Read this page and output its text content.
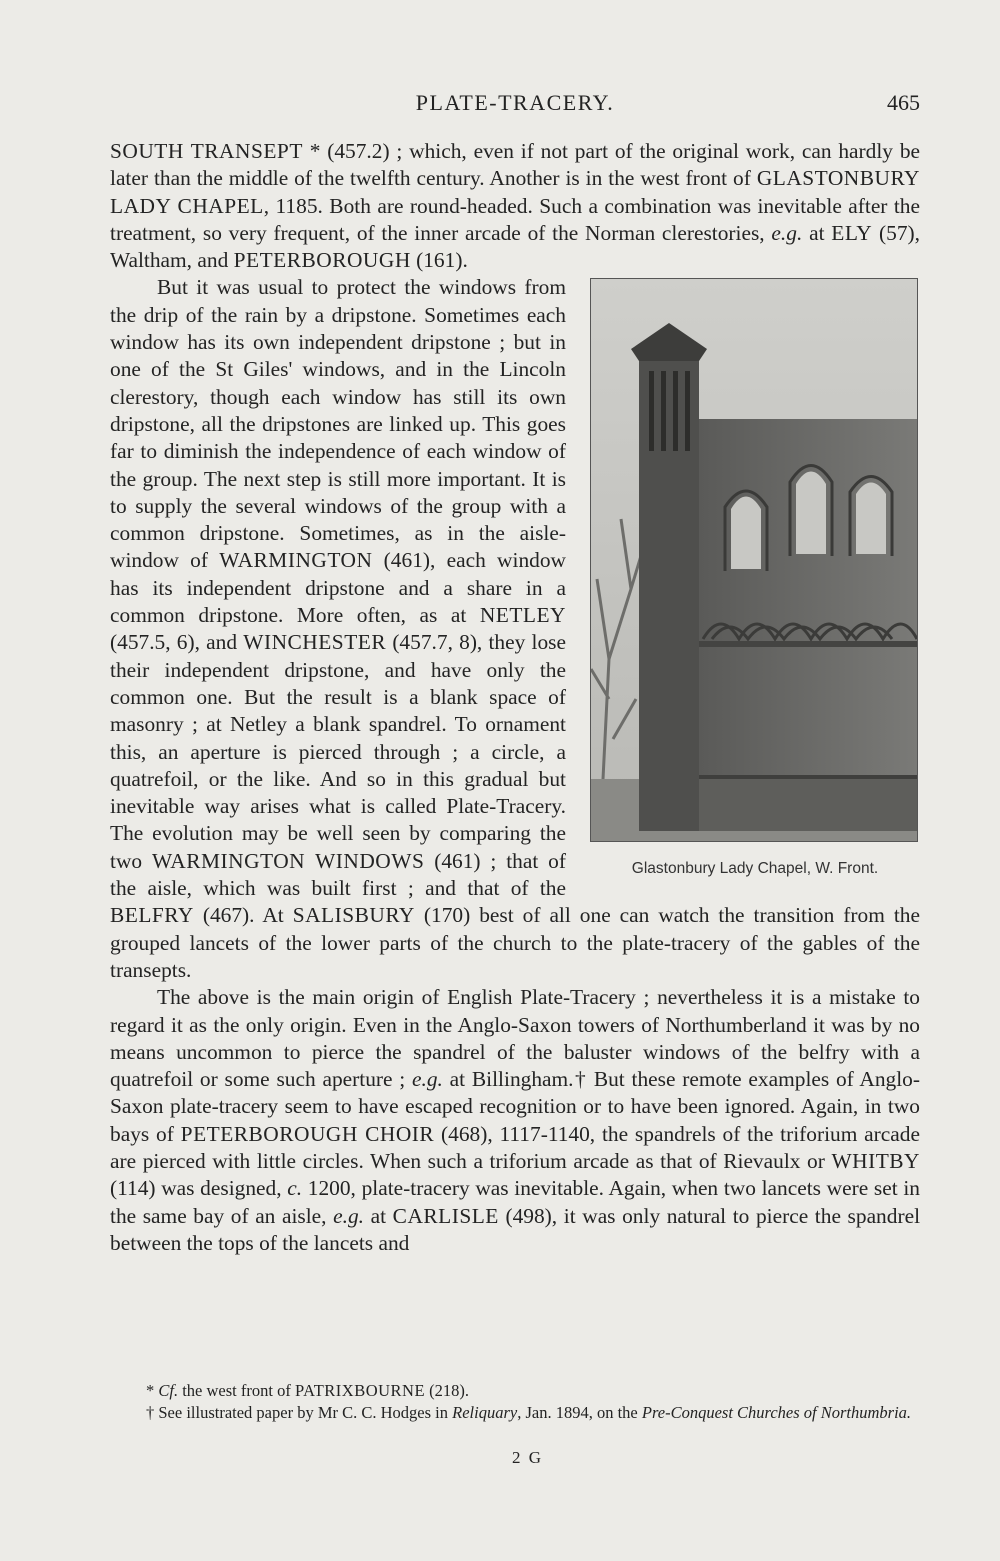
PLATE-TRACERY.	465

SOUTH TRANSEPT * (457.2) ; which, even if not part of the original work, can hardly be later than the middle of the twelfth century. Another is in the west front of GLASTONBURY LADY CHAPEL, 1185. Both are round-headed. Such a combination was inevitable after the treatment, so very frequent, of the inner arcade of the Norman clerestories, e.g. at ELY (57), Waltham, and PETERBOROUGH (161).

Glastonbury Lady Chapel, W. Front.

But it was usual to protect the windows from the drip of the rain by a dripstone. Sometimes each window has its own independent dripstone ; but in one of the St Giles' windows, and in the Lincoln clerestory, though each window has still its own dripstone, all the dripstones are linked up. This goes far to diminish the independence of each window of the group. The next step is still more important. It is to supply the several windows of the group with a common dripstone. Sometimes, as in the aisle-window of WARMINGTON (461), each window has its independent dripstone and a share in a common dripstone. More often, as at NETLEY (457.5, 6), and WINCHESTER (457.7, 8), they lose their independent dripstone, and have only the common one. But the result is a blank space of masonry ; at Netley a blank spandrel. To ornament this, an aperture is pierced through ; a circle, a quatrefoil, or the like. And so in this gradual but inevitable way arises what is called Plate-Tracery. The evolution may be well seen by comparing the two WARMINGTON WINDOWS (461) ; that of the aisle, which was built first ; and that of the BELFRY (467). At SALISBURY (170) best of all one can watch the transition from the grouped lancets of the lower parts of the church to the plate-tracery of the gables of the transepts.

The above is the main origin of English Plate-Tracery ; nevertheless it is a mistake to regard it as the only origin. Even in the Anglo-Saxon towers of Northumberland it was by no means uncommon to pierce the spandrel of the baluster windows of the belfry with a quatrefoil or some such aperture ; e.g. at Billingham.† But these remote examples of Anglo-Saxon plate-tracery seem to have escaped recognition or to have been ignored. Again, in two bays of PETERBOROUGH CHOIR (468), 1117-1140, the spandrels of the triforium arcade are pierced with little circles. When such a triforium arcade as that of Rievaulx or WHITBY (114) was designed, c. 1200, plate-tracery was inevitable. Again, when two lancets were set in the same bay of an aisle, e.g. at CARLISLE (498), it was only natural to pierce the spandrel between the tops of the lancets and

* Cf. the west front of PATRIXBOURNE (218).

† See illustrated paper by Mr C. C. Hodges in Reliquary, Jan. 1894, on the Pre-Conquest Churches of Northumbria.

2 G
